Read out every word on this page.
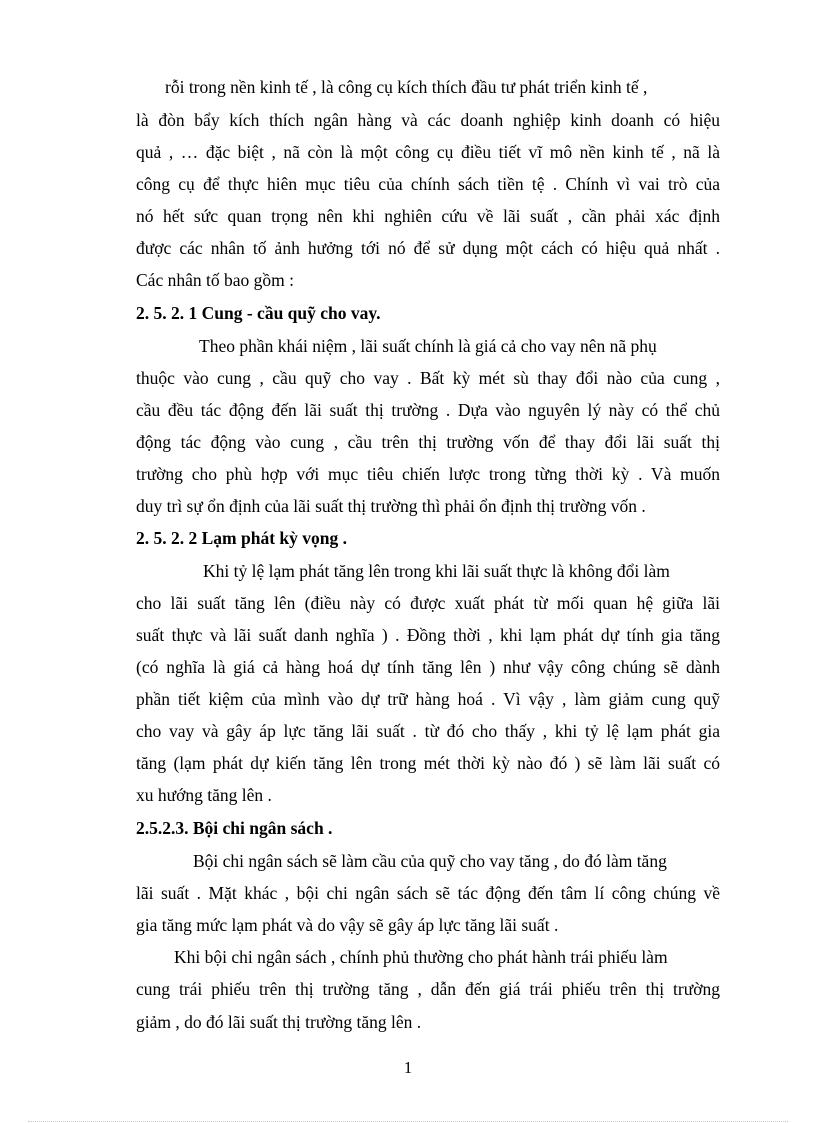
rỗi trong nền kinh tế , là công cụ kích thích đầu tư phát triển kinh tế ,
là đòn bẩy kích thích ngân hàng và các doanh nghiệp kinh doanh có hiệu
quả , … đặc biệt , nã còn là một công cụ điều tiết vĩ mô nền kinh tế , nã là
công cụ để thực hiên mục tiêu của chính sách tiền tệ . Chính vì vai trò của
nó hết sức quan trọng nên khi nghiên cứu về lãi suất , cần phải xác định
được các nhân tố ảnh hưởng tới nó để sử dụng một cách có hiệu quả nhất .
Các nhân tố bao gồm :
2. 5. 2. 1 Cung - cầu quỹ cho vay.
Theo phần khái niệm , lãi suất chính là giá cả cho vay nên nã phụ
thuộc vào cung , cầu quỹ cho vay . Bất kỳ mét sù thay đổi nào của cung ,
cầu đều tác động đến lãi suất thị trường . Dựa vào nguyên lý này có thể chủ
động tác động vào cung , cầu trên thị trường vốn để thay đổi lãi suất thị
trường cho phù hợp với mục tiêu chiến lược trong từng thời kỳ . Và muốn
duy trì sự ổn định của lãi suất thị trường thì phải ổn định thị trường vốn .
2. 5. 2. 2 Lạm phát kỳ vọng .
Khi tỷ lệ lạm phát tăng lên trong khi lãi suất thực là không đổi làm
cho lãi suất tăng lên (điều này có được xuất phát từ mối quan hệ giữa lãi
suất thực và lãi suất danh nghĩa ) . Đồng thời , khi lạm phát dự tính gia tăng
(có nghĩa là giá cả hàng hoá dự tính tăng lên ) như vậy công chúng sẽ dành
phần tiết kiệm của mình vào dự trữ hàng hoá . Vì vậy , làm giảm cung quỹ
cho vay và gây áp lực tăng lãi suất . từ đó cho thấy , khi tỷ lệ lạm phát gia
tăng (lạm phát dự kiến tăng lên trong mét thời kỳ nào đó ) sẽ làm lãi suất có
xu hướng tăng lên .
2.5.2.3. Bội chi ngân sách .
Bội chi ngân sách sẽ làm cầu của quỹ cho vay tăng , do đó làm tăng
lãi suất . Mặt khác , bội chi ngân sách sẽ tác động đến tâm lí công chúng về
gia tăng mức lạm phát và do vậy sẽ gây áp lực tăng lãi suất .
Khi bội chi ngân sách , chính phủ thường cho phát hành trái phiếu làm
cung trái phiếu trên thị trường tăng , dẫn đến giá trái phiếu trên thị trường
giảm , do đó lãi suất thị trường tăng lên .
1
